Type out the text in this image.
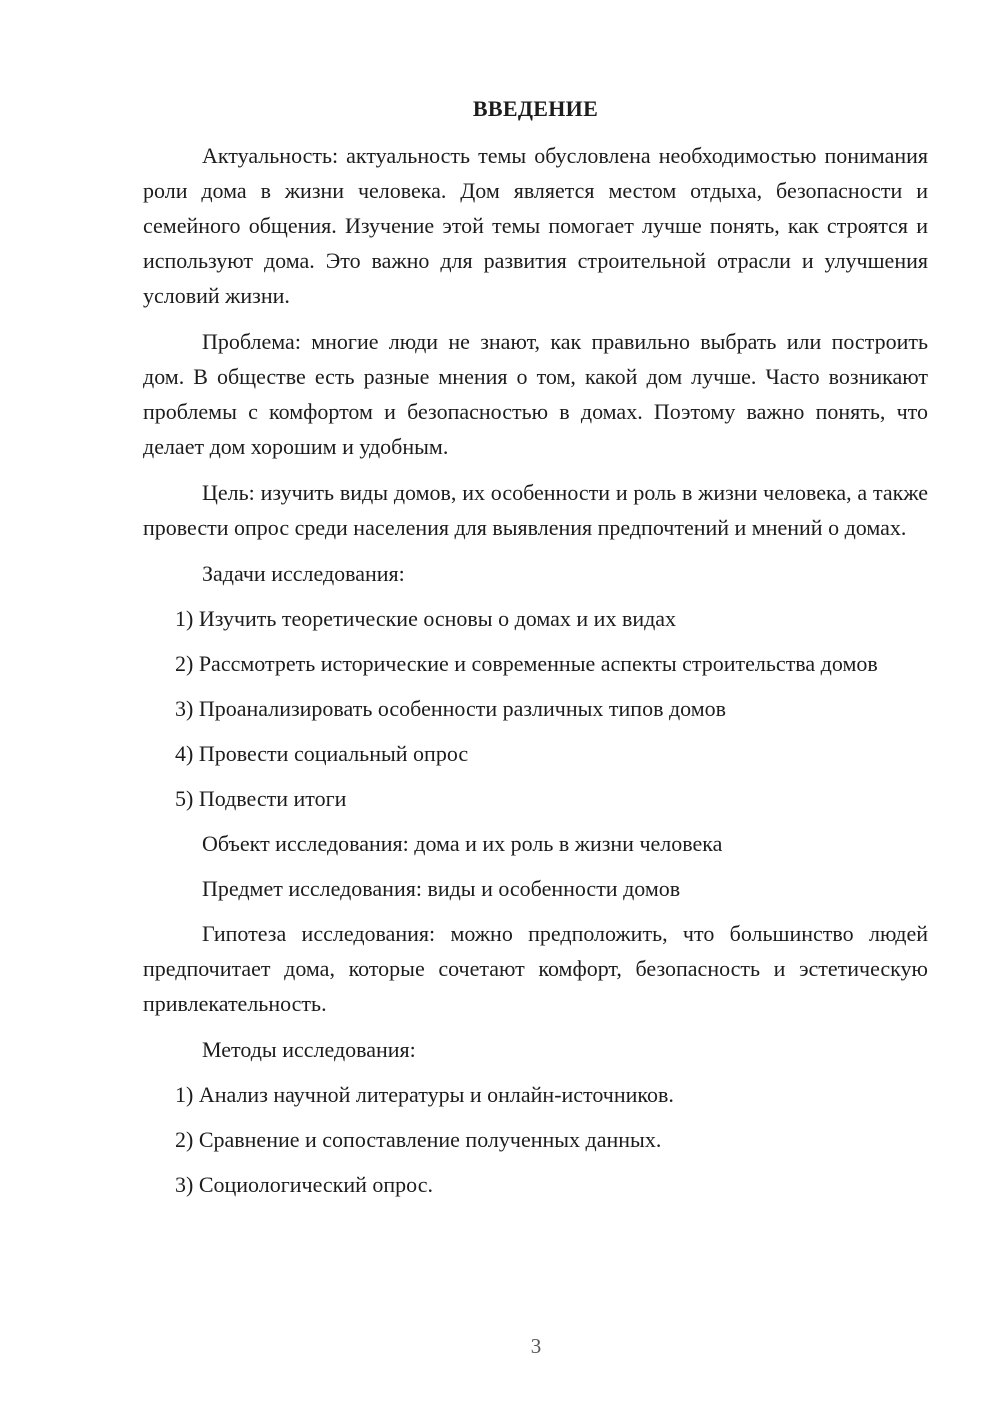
ВВЕДЕНИЕ

Актуальность: актуальность темы обусловлена необходимостью понимания роли дома в жизни человека. Дом является местом отдыха, безопасности и семейного общения. Изучение этой темы помогает лучше понять, как строятся и используют дома. Это важно для развития строительной отрасли и улучшения условий жизни.

Проблема: многие люди не знают, как правильно выбрать или построить дом. В обществе есть разные мнения о том, какой дом лучше. Часто возникают проблемы с комфортом и безопасностью в домах. Поэтому важно понять, что делает дом хорошим и удобным.

Цель: изучить виды домов, их особенности и роль в жизни человека, а также провести опрос среди населения для выявления предпочтений и мнений о домах.

Задачи исследования:

1) Изучить теоретические основы о домах и их видах

2) Рассмотреть исторические и современные аспекты строительства домов

3) Проанализировать особенности различных типов домов

4) Провести социальный опрос

5) Подвести итоги

Объект исследования: дома и их роль в жизни человека

Предмет исследования: виды и особенности домов

Гипотеза исследования: можно предположить, что большинство людей предпочитает дома, которые сочетают комфорт, безопасность и эстетическую привлекательность.

Методы исследования:

1) Анализ научной литературы и онлайн-источников.

2) Сравнение и сопоставление полученных данных.

3) Социологический опрос.

3
